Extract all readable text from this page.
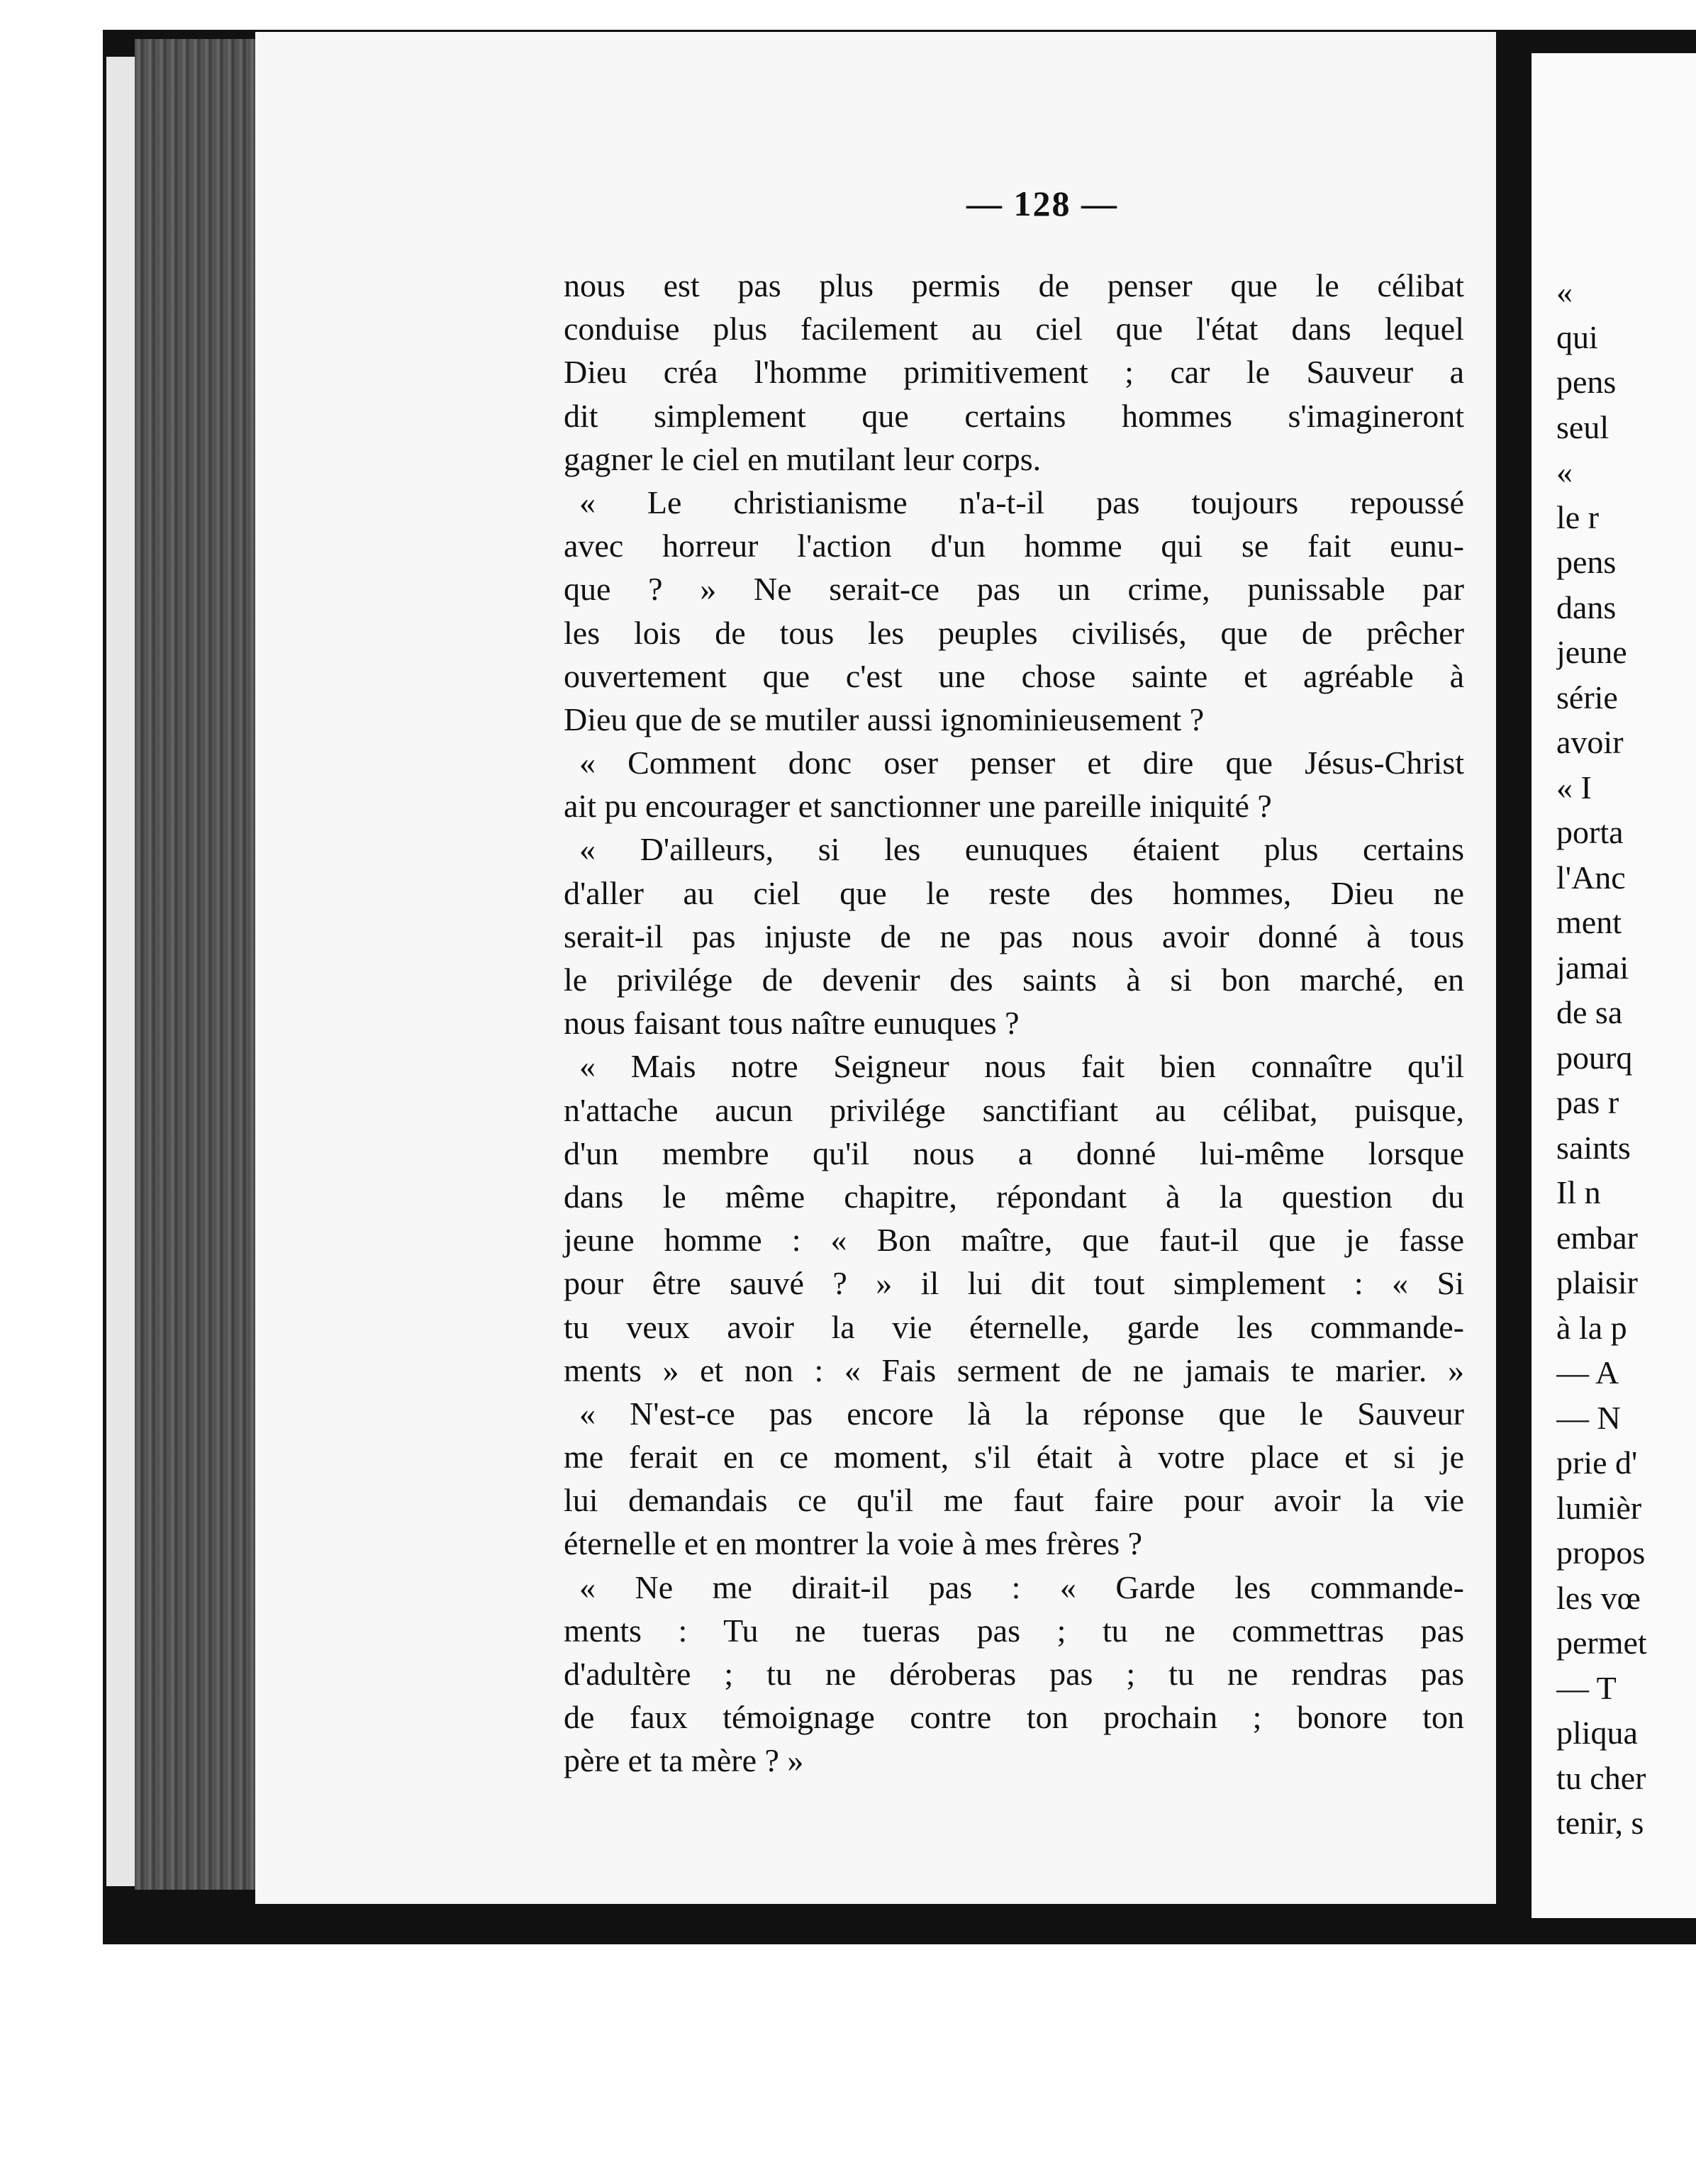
— 128 —
nous est pas plus permis de penser que le célibat
conduise plus facilement au ciel que l'état dans lequel
Dieu créa l'homme primitivement ; car le Sauveur a
dit simplement que certains hommes s'imagineront
gagner le ciel en mutilant leur corps.
« Le christianisme n'a-t-il pas toujours repoussé
avec horreur l'action d'un homme qui se fait eunu-
que ? » Ne serait-ce pas un crime, punissable par
les lois de tous les peuples civilisés, que de prêcher
ouvertement que c'est une chose sainte et agréable à
Dieu que de se mutiler aussi ignominieusement ?
« Comment donc oser penser et dire que Jésus-Christ
ait pu encourager et sanctionner une pareille iniquité ?
« D'ailleurs, si les eunuques étaient plus certains
d'aller au ciel que le reste des hommes, Dieu ne
serait-il pas injuste de ne pas nous avoir donné à tous
le privilége de devenir des saints à si bon marché, en
nous faisant tous naître eunuques ?
« Mais notre Seigneur nous fait bien connaître qu'il
n'attache aucun privilége sanctifiant au célibat, puisque,
d'un membre qu'il nous a donné lui-même lorsque
dans le même chapitre, répondant à la question du
jeune homme : « Bon maître, que faut-il que je fasse
pour être sauvé ? » il lui dit tout simplement : « Si
tu veux avoir la vie éternelle, garde les commande-
ments » et non : « Fais serment de ne jamais te marier. »
« N'est-ce pas encore là la réponse que le Sauveur
me ferait en ce moment, s'il était à votre place et si je
lui demandais ce qu'il me faut faire pour avoir la vie
éternelle et en montrer la voie à mes frères ?
« Ne me dirait-il pas : « Garde les commande-
ments : Tu ne tueras pas ; tu ne commettras pas
d'adultère ; tu ne déroberas pas ; tu ne rendras pas
de faux témoignage contre ton prochain ; bonore ton
père et ta mère ? »
«
qui
pens
seul
«
le r
pens
dans
jeune
série
avoir
« I
porta
l'Anc
ment
jamai
de sa
pourq
pas r
saints
Il n
embar
plaisir
à la p
— A
— N
prie d'
lumièr
propos
les vœ
permet
— T
pliqua
tu cher
tenir, s
